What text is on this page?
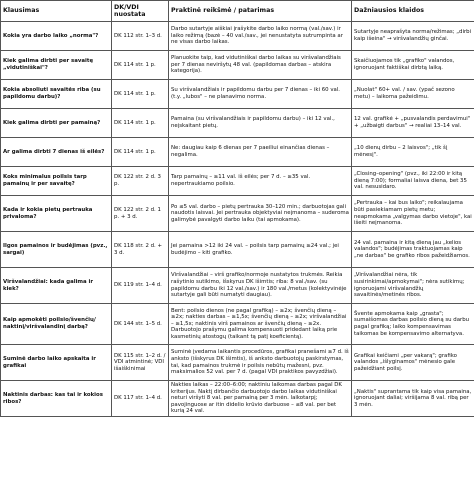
Klausimas	DK/VDI nuostata	Praktinė reikšmė / patarimas	Dažniausios klaidos
Kokia yra darbo laiko „norma"?	DK 112 str. 1–3 d.	Darbo sutartyje aiškiai įrašykite darbo laiko normą (val./sav.) ir laiko režimą (bazė – 40 val./sav., jei nenustatyta sutrumpinta ar ne visas darbo laikas.	Sutartyje neaprašyta norma/režimas; „dirbi kaip išeina" → viršvalandžių ginčai.
Kiek galima dirbti per savaitę „vidutiniškai"?	DK 114 str. 1 p.	Planuokite taip, kad vidutiniškai darbo laikas su viršvalandžiais per 7 dienas neviršytų 48 val. (papildomas darbas – atskira kategorija).	Skaičiuojamos tik „grafiko" valandos, ignoruojant faktiškai dirbtą laiką.
Kokia absoliuti savaitės riba (su papildomu darbu)?	DK 114 str. 1 p.	Su viršvalandžiais ir papildomu darbu per 7 dienas – iki 60 val. (t.y. „lubos" – ne planavimo norma.	„Nuolat" 60+ val. / sav. (ypač sezono metu) – laikoma pažeidimu.
Kiek galima dirbti per pamainą?	DK 114 str. 1 p.	Pamaina (su viršvalandžiais ir papildomu darbu) – iki 12 val., neįskaitant pietų.	12 val. grafikė + „pusvalandis perdavimui" + „užbaigti darbus" → realiai 13–14 val.
Ar galima dirbti 7 dienas iš eilės?	DK 114 str. 1 p.	Ne: daugiau kaip 6 dienas per 7 paeiliui einančias dienas – negalima.	„10 dienų dirbu – 2 laisvos"; „tik šį mėnesį".
Koks minimalus poilsis tarp pamainų ir per savaitę?	DK 122 str. 2 d. 3 p.	Tarp pamainų – ≥11 val. iš eilės; per 7 d. – ≥35 val. nepertraukiamo poilsio.	„Closing–opening" (pvz., iki 22:00 ir kitą dieną 7:00); formaliai laisva diena, bet 35 val. nesusidaro.
Kada ir kokia pietų pertrauka privaloma?	DK 122 str. 2 d. 1 p. + 3 d.	Po ≤5 val. darbo – pietų pertrauka 30–120 min.; darbuotojas gali naudotis laisvai. Jei pertrauka objektyviai neįmanoma – suderoma galimybė pavalgyti darbo laiku (tai apmokama).	„Pertrauka – kai bus laiko"; reikalaujama būti pasiekiamam pietų metu; neapmokama „valgymas darbo vietoje", kai išeiti neįmanoma.
Ilgos pamainos ir budėjimas (pvz., sargai)	DK 118 str. 2 d. + 3 d.	Jei pamaina >12 iki 24 val. – poilsis tarp pamainų ≥24 val.; jei budėjimo – kiti grafiko.	24 val. pamaina ir kitą dieną jau „kelios valandos"; budėjimas traktuojamas kaip „ne darbas" be grafiko ribos pažeidžiamos.
Viršvalandžiai: kada galima ir kiek?	DK 119 str. 1–4 d.	Viršvalandžiai – virš grafiko/normoje nustatytos trukmės. Reikia rašytinio sutikimo, išskyrus DK išimtis; riba: 8 val./sav. (su papildomu darbu iki 12 val./sav.) ir 180 val./metus (kolektyvinėje sutartyje gali būti numatyti daugiau).	„Viršvalandžiai nėra, tik susirinkimai/apmokymai"; nėra sutikimų; ignoruojami viršvalandžių savaitinės/metinės ribos.
Kaip apmokėti poilsio/švenčių/ naktinį/viršvalandinį darbą?	DK 144 str. 1–5 d.	Bent: poilsio dienos (ne pagal grafiką) – ≥2x; švenčių dieną – ≥2x; nakties darbas – ≥1,5x; švenčių dieną – ≥2x; viršvalandžiai – ≥1,5x; naktinis virš pamainos ar švenčių dieną – ≥2x. Darbuotojo prašymu galima kompensuoti pridedant laiką prie kasmetinių atostogų (taikant tą patį koeficientą).	Švente apmokama kaip „grasta"; sumaišomas darbas poilsio dieną su darbu pagal grafiką; laiko kompensavimas taikomas be kompensavimo alternatyva.
Suminė darbo laiko apskaita ir grafikai	DK 115 str. 1–2 d. / VDI atmintinė; VDI išaiškinimai	Suminė įvedama laikantis procedūros, grafikai pranešami ≥7 d. iš anksto (išskyrus DK išimtis), iš anksto darbuotojų paskirstymas, tai, kad pamainos trukmė ir poilsis nebūtų mažesni, pvz. maksimalios 52 val. per 7 d. (pagal VDI praktikos pavyzdžiai).	Grafikai keičiami „per vakarą"; grafiko valandos „išlyginamos" mėnesio gale pažeidžiant poilsį.
Naktinis darbas: kas tai ir kokios ribos?	DK 117 str. 1–4 d.	Nakties laikas – 22:00–6:00; naktiniu laikomas darbas pagal DK kriterijus. Naktį dirbančio darbuotojo darbo laikas vidutiniškai neturi viršyti 8 val. per pamainą per 3 mėn. laikotarpį; pavojinguose ar itin didelio krūvio darbuose – ≤8 val. per bet kurią 24 val.	„Naktis" suprantama tik kaip visa pamaina, ignoruojant daliai; viršijama 8 val. ribą per 3 mėn.
